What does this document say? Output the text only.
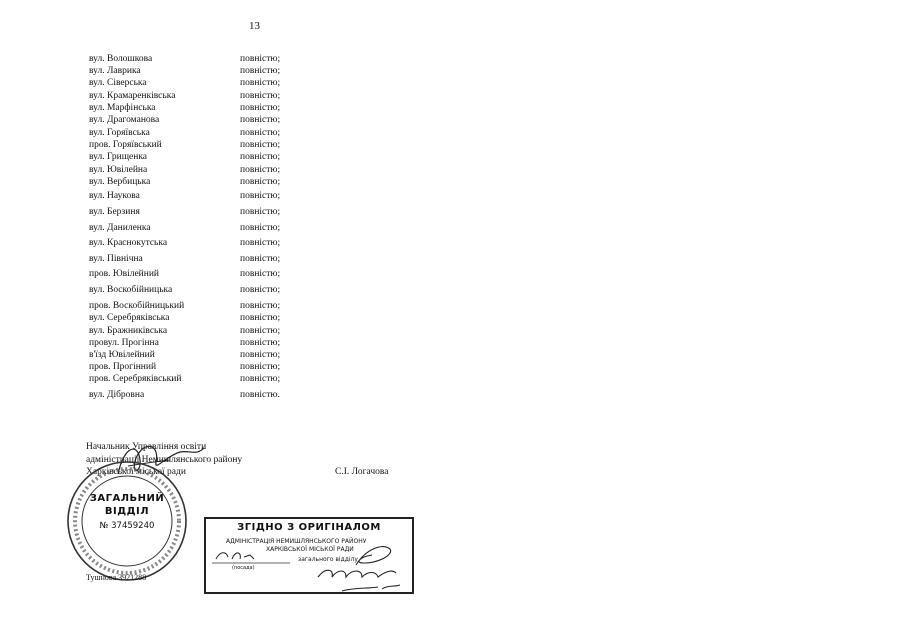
13
вул. Волошкова	повністю;
вул. Лаврика	повністю;
вул. Сіверська	повністю;
вул. Крамаренківська	повністю;
вул. Марфінська	повністю;
вул. Драгоманова	повністю;
вул. Горяївська	повністю;
пров. Горяївський	повністю;
вул. Грищенка	повністю;
вул. Ювілейна	повністю;
вул. Вербицька	повністю;
вул. Наукова	повністю;
вул. Берзиня	повністю;
вул. Даниленка	повністю;
вул. Краснокутська	повністю;
вул. Північна	повністю;
пров. Ювілейний	повністю;
вул. Воскобійницька	повністю;
пров. Воскобійницький	повністю;
вул. Серебряківська	повністю;
вул. Бражниківська	повністю;
провул. Прогінна	повністю;
в'їзд Ювілейний	повністю;
пров. Прогінний	повністю;
пров. Серебряківський	повністю;
вул. Дібровна	повністю.
Начальник Управління освіти
адміністрації Немишлянського району
Харківської міської ради	С.І. Логачова
ЗАГАЛЬНИЙ
ВІДДІЛ
№ 37459240	ЗГІДНО З ОРИГІНАЛОМ
АДМІНІСТРАЦІЯ НЕМИШЛЯНСЬКОГО РАЙОНУ
ХАРКІВСЬКОЇ МІСЬКОЇ РАДИ
загального відділу
(посада)
Тушнова 3921288
